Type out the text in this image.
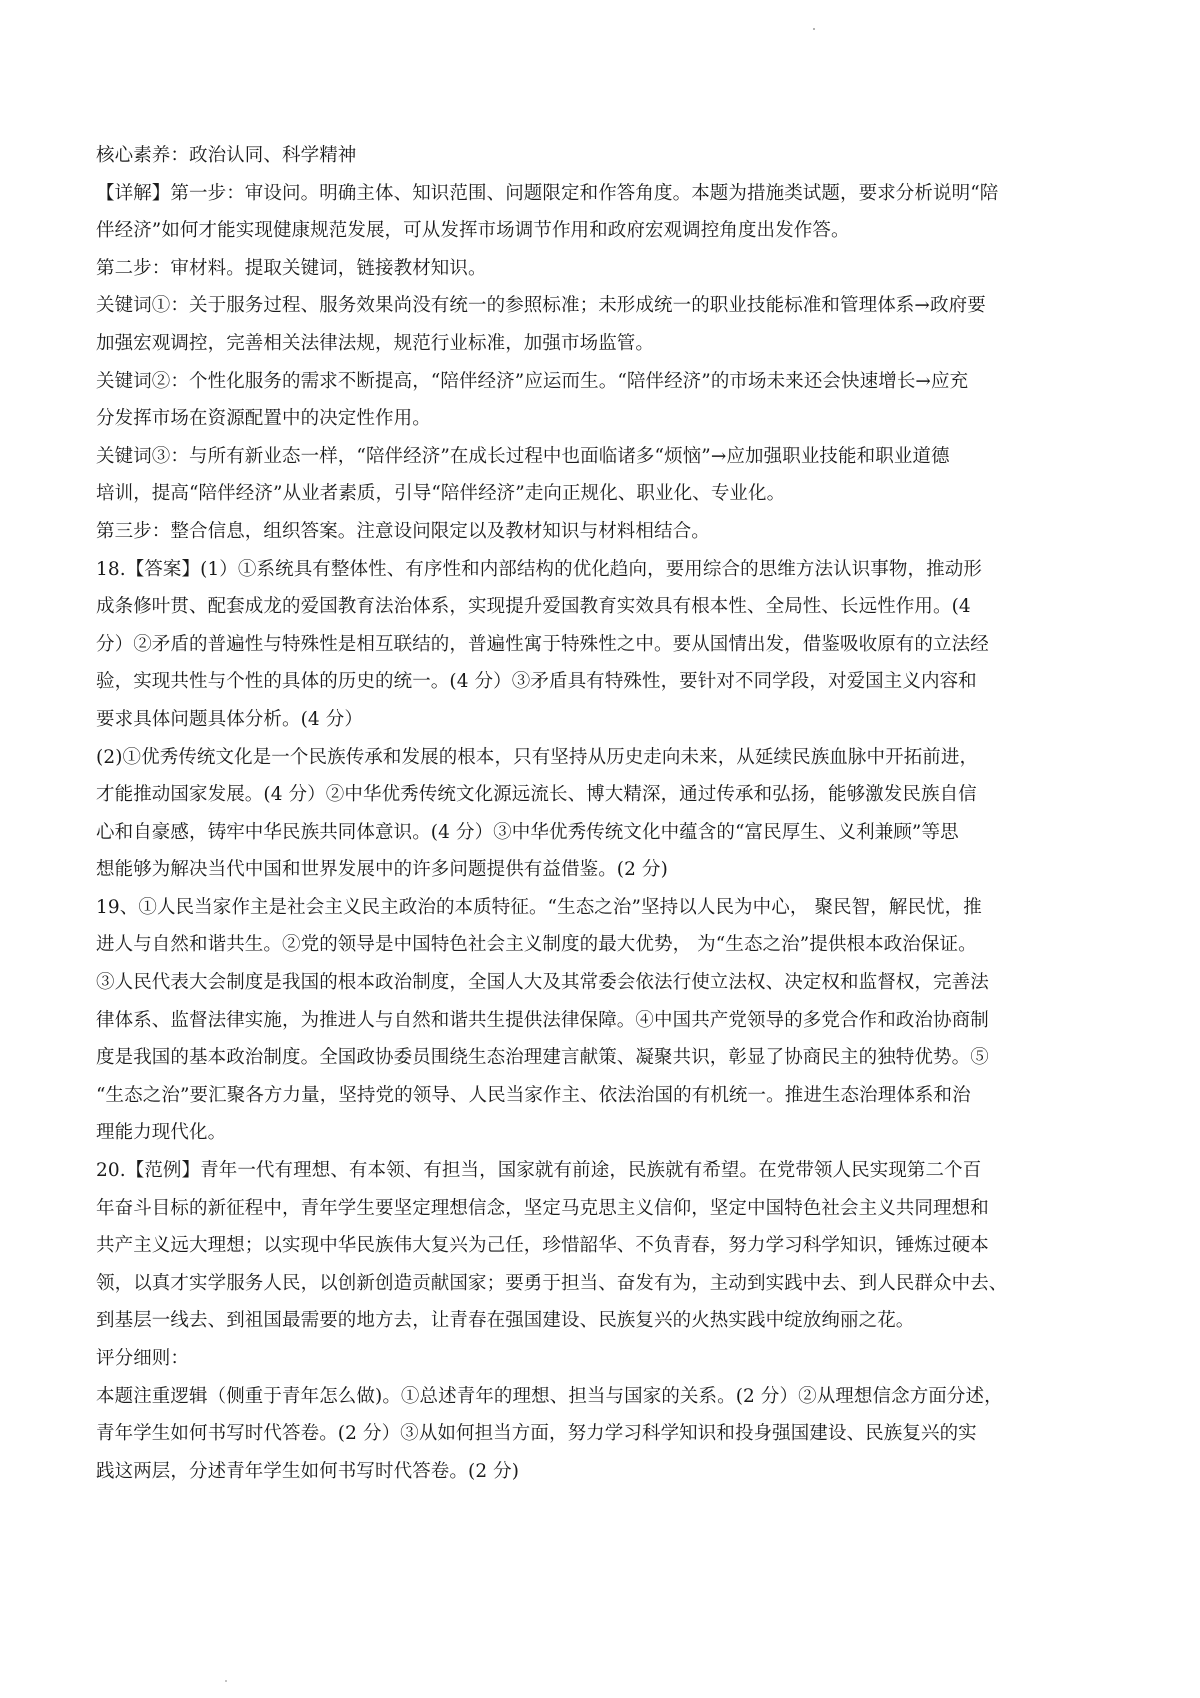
核心素养：政治认同、科学精神
【详解】第一步：审设问。明确主体、知识范围、问题限定和作答角度。本题为措施类试题，要求分析说明“陪
伴经济”如何才能实现健康规范发展，可从发挥市场调节作用和政府宏观调控角度出发作答。
第二步：审材料。提取关键词，链接教材知识。
关键词①：关于服务过程、服务效果尚没有统一的参照标准；未形成统一的职业技能标准和管理体系→政府要
加强宏观调控，完善相关法律法规，规范行业标准，加强市场监管。
关键词②：个性化服务的需求不断提高，“陪伴经济”应运而生。“陪伴经济”的市场未来还会快速增长→应充
分发挥市场在资源配置中的决定性作用。
关键词③：与所有新业态一样，“陪伴经济”在成长过程中也面临诸多“烦恼”→应加强职业技能和职业道德
培训，提高“陪伴经济”从业者素质，引导“陪伴经济”走向正规化、职业化、专业化。
第三步：整合信息，组织答案。注意设问限定以及教材知识与材料相结合。
18.【答案】(1）①系统具有整体性、有序性和内部结构的优化趋向，要用综合的思维方法认识事物，推动形
成条修叶贯、配套成龙的爱国教育法治体系，实现提升爱国教育实效具有根本性、全局性、长远性作用。(4
分）②矛盾的普遍性与特殊性是相互联结的，普遍性寓于特殊性之中。要从国情出发，借鉴吸收原有的立法经
验，实现共性与个性的具体的历史的统一。(4 分）③矛盾具有特殊性，要针对不同学段，对爱国主义内容和
要求具体问题具体分析。(4 分）
(2)①优秀传统文化是一个民族传承和发展的根本，只有坚持从历史走向未来，从延续民族血脉中开拓前进，
才能推动国家发展。(4 分）②中华优秀传统文化源远流长、博大精深，通过传承和弘扬，能够激发民族自信
心和自豪感，铸牢中华民族共同体意识。(4 分）③中华优秀传统文化中蕴含的“富民厚生、义利兼顾”等思
想能够为解决当代中国和世界发展中的许多问题提供有益借鉴。(2 分)
19、①人民当家作主是社会主义民主政治的本质特征。“生态之治”坚持以人民为中心， 聚民智，解民忧，推
进人与自然和谐共生。②党的领导是中国特色社会主义制度的最大优势， 为“生态之治”提供根本政治保证。
③人民代表大会制度是我国的根本政治制度，全国人大及其常委会依法行使立法权、决定权和监督权，完善法
律体系、监督法律实施，为推进人与自然和谐共生提供法律保障。④中国共产党领导的多党合作和政治协商制
度是我国的基本政治制度。全国政协委员围绕生态治理建言献策、凝聚共识，彰显了协商民主的独特优势。⑤
“生态之治”要汇聚各方力量，坚持党的领导、人民当家作主、依法治国的有机统一。推进生态治理体系和治
理能力现代化。
20.【范例】青年一代有理想、有本领、有担当，国家就有前途，民族就有希望。在党带领人民实现第二个百
年奋斗目标的新征程中，青年学生要坚定理想信念，坚定马克思主义信仰，坚定中国特色社会主义共同理想和
共产主义远大理想；以实现中华民族伟大复兴为己任，珍惜韶华、不负青春，努力学习科学知识，锤炼过硬本
领，以真才实学服务人民，以创新创造贡献国家；要勇于担当、奋发有为，主动到实践中去、到人民群众中去、
到基层一线去、到祖国最需要的地方去，让青春在强国建设、民族复兴的火热实践中绽放绚丽之花。
评分细则：
本题注重逻辑（侧重于青年怎么做)。①总述青年的理想、担当与国家的关系。(2 分）②从理想信念方面分述，
青年学生如何书写时代答卷。(2 分）③从如何担当方面，努力学习科学知识和投身强国建设、民族复兴的实
践这两层，分述青年学生如何书写时代答卷。(2 分)
